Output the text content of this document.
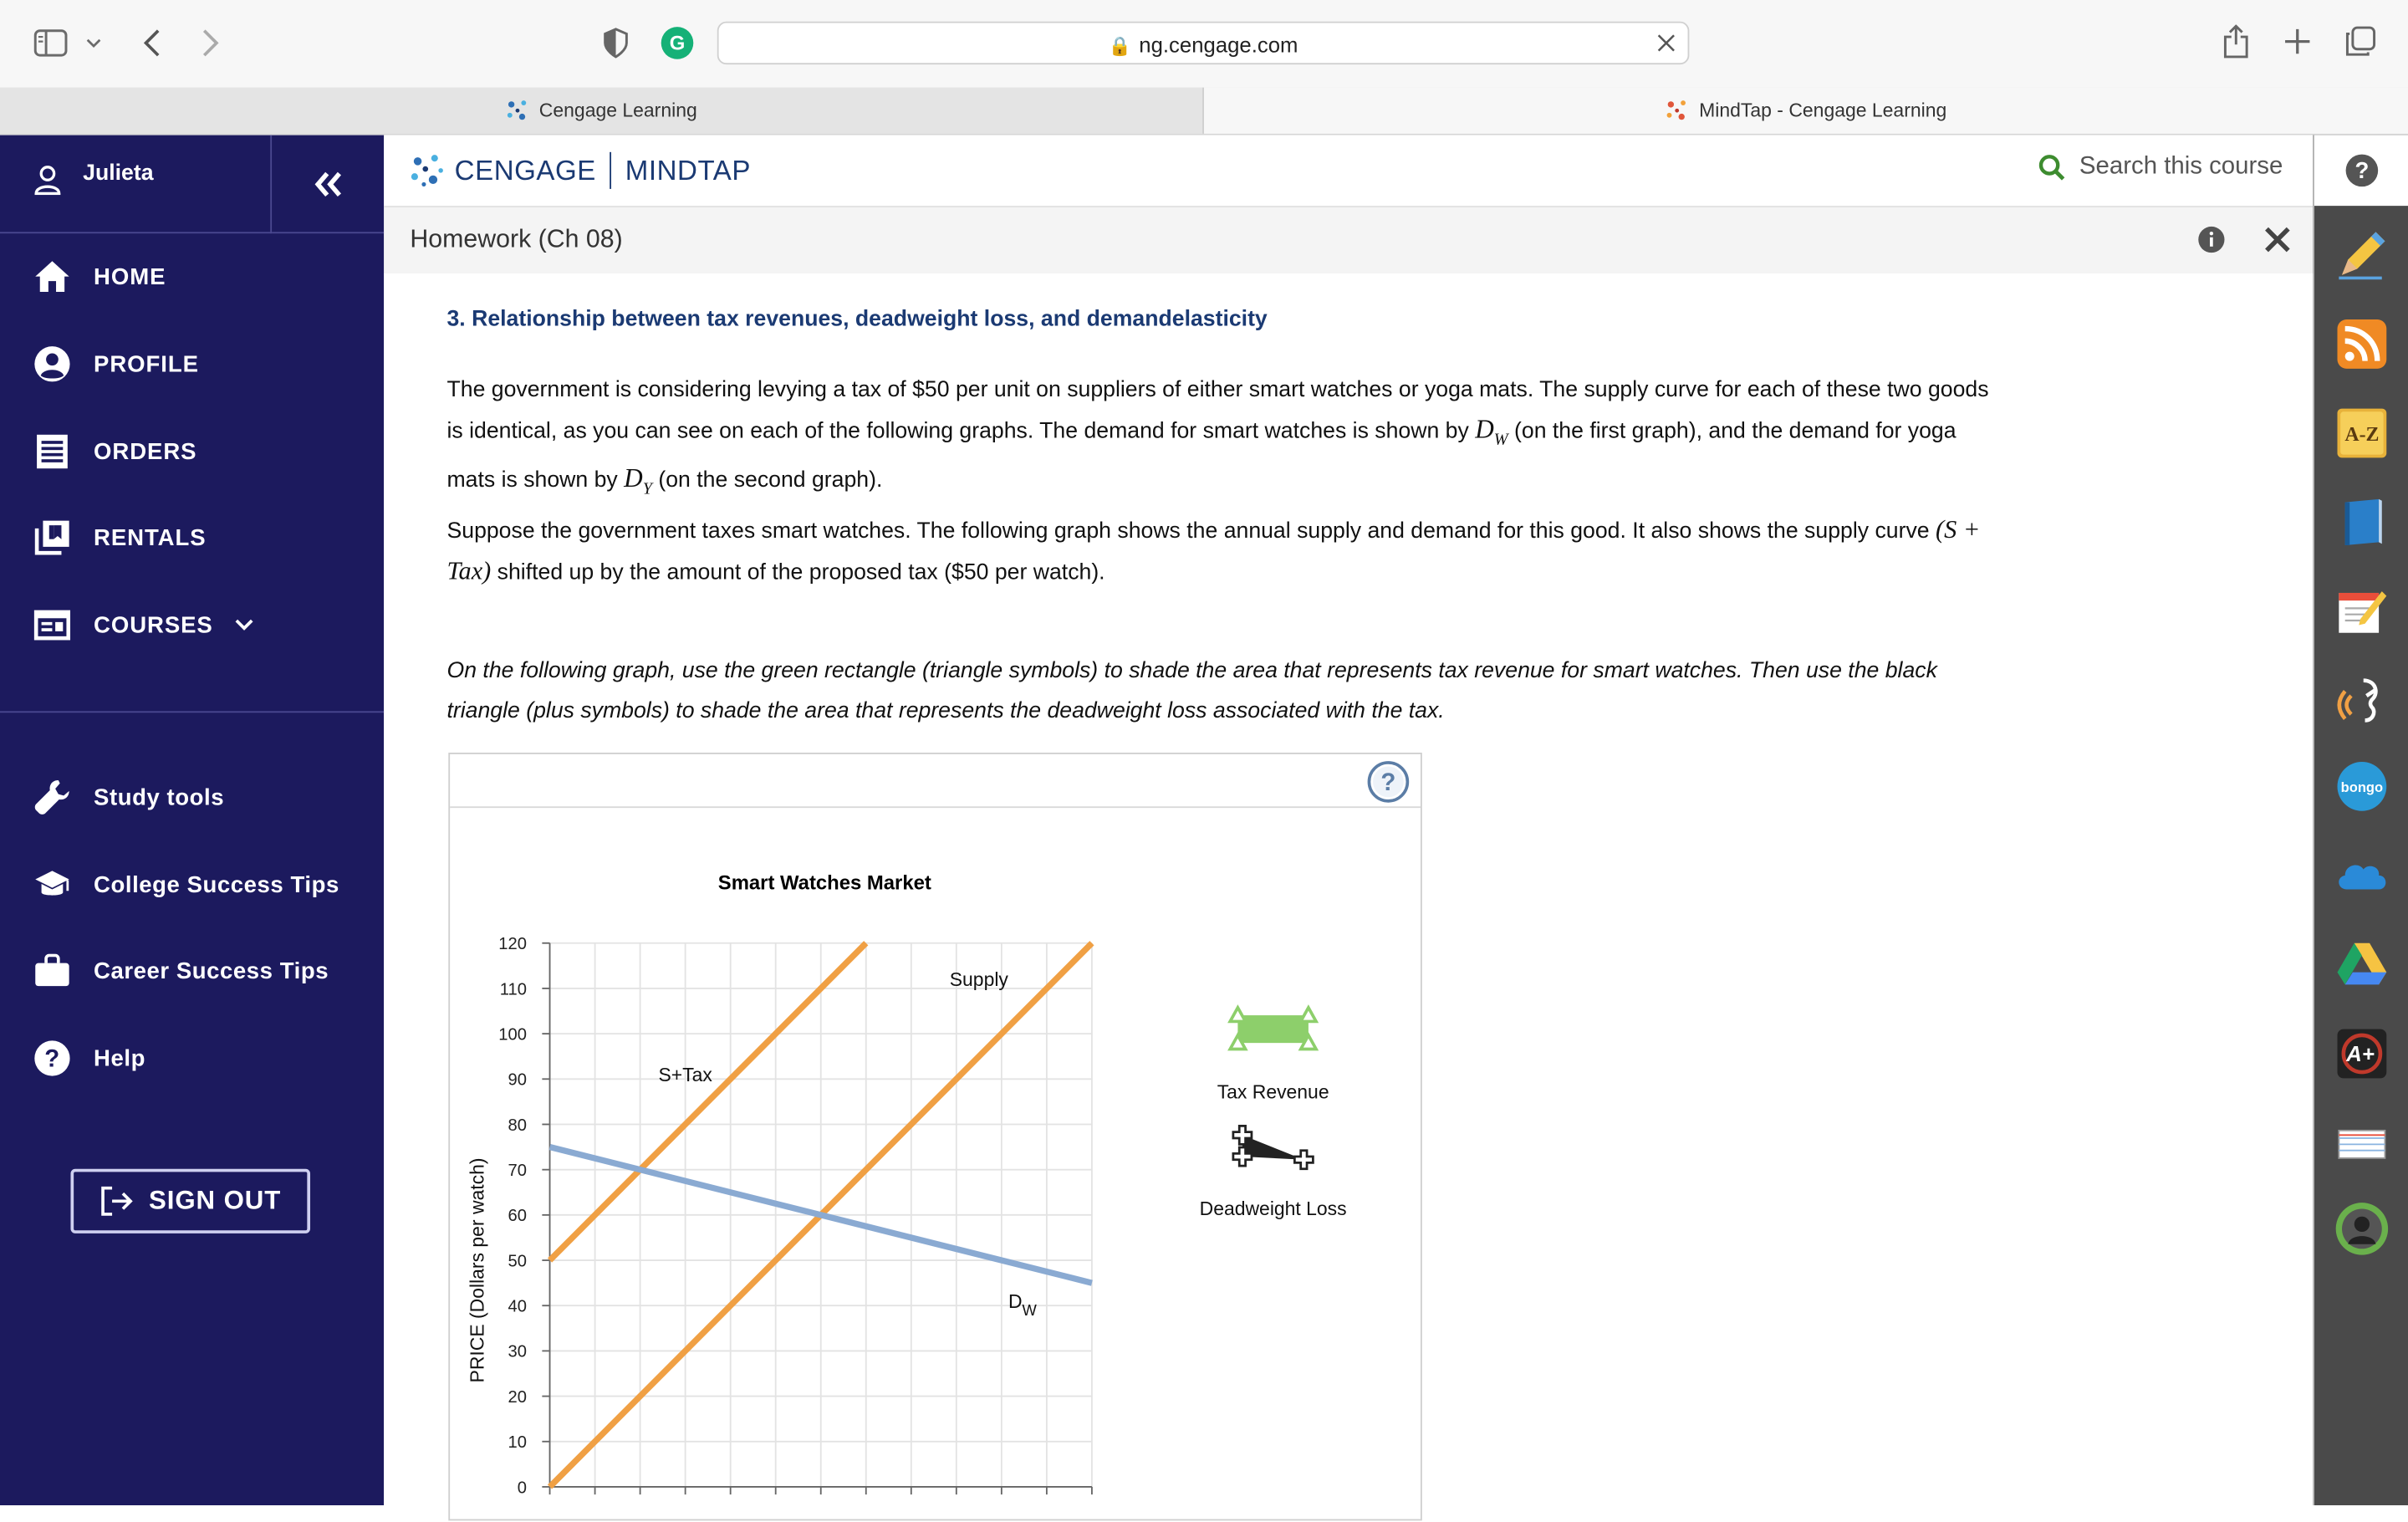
G	🔒 ng.cengage.com
Cengage Learning	MindTap - Cengage Learning
Julieta
HOME
PROFILE
ORDERS
RENTALS
COURSES
Study tools
College Success Tips
Career Success Tips
?	Help
SIGN OUT
CENGAGE MINDTAP	Search this course
Homework (Ch 08)
?
A-Z
bongo
A+
3. Relationship between tax revenues, deadweight loss, and demandelasticity
The government is considering levying a tax of $50 per unit on suppliers of either smart watches or yoga mats. The supply curve for each of these two goods is identical, as you can see on each of the following graphs. The demand for smart watches is shown by $D_W$ (on the first graph), and the demand for yoga mats is shown by $D_Y$ (on the second graph).
Suppose the government taxes smart watches. The following graph shows the annual supply and demand for this good. It also shows the supply curve (S + Tax) shifted up by the amount of the proposed tax ($50 per watch).
On the following graph, use the green rectangle (triangle symbols) to shade the area that represents tax revenue for smart watches. Then use the black triangle (plus symbols) to shade the area that represents the deadweight loss associated with the tax.
?
Smart Watches Market
0
10
20
30
40
50
60
70
80
90
100
110
120
PRICE (Dollars per watch)
Supply
S+Tax
$D_W$
Tax Revenue
Deadweight Loss
